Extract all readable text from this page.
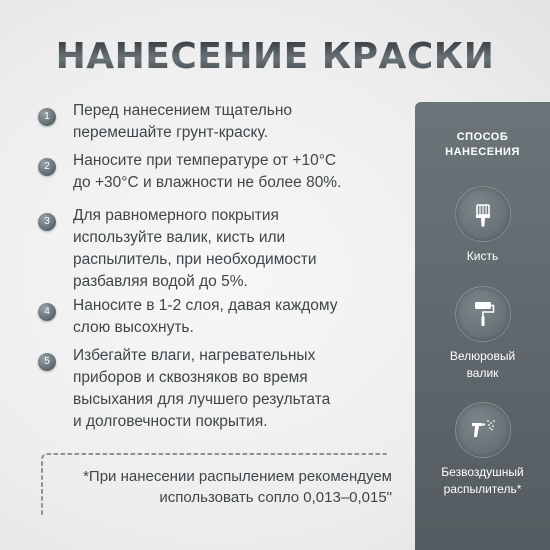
НАНЕСЕНИЕ КРАСКИ
1	Перед нанесением тщательно
перемешайте грунт-краску.
2	Наносите при температуре от +10°С
до +30°С и влажности не более 80%.
3	Для равномерного покрытия
используйте валик, кисть или
распылитель, при необходимости
разбавляя водой до 5%.
4	Наносите в 1-2 слоя, давая каждому
слою высохнуть.
5	Избегайте влаги, нагревательных
приборов и сквозняков во время
высыхания для лучшего результата
и долговечности покрытия.
*При нанесении распылением рекомендуем
использовать сопло 0,013–0,015"
СПОСОБ
НАНЕСЕНИЯ
Кисть
Велюровый
валик
Безвоздушный
распылитель*
